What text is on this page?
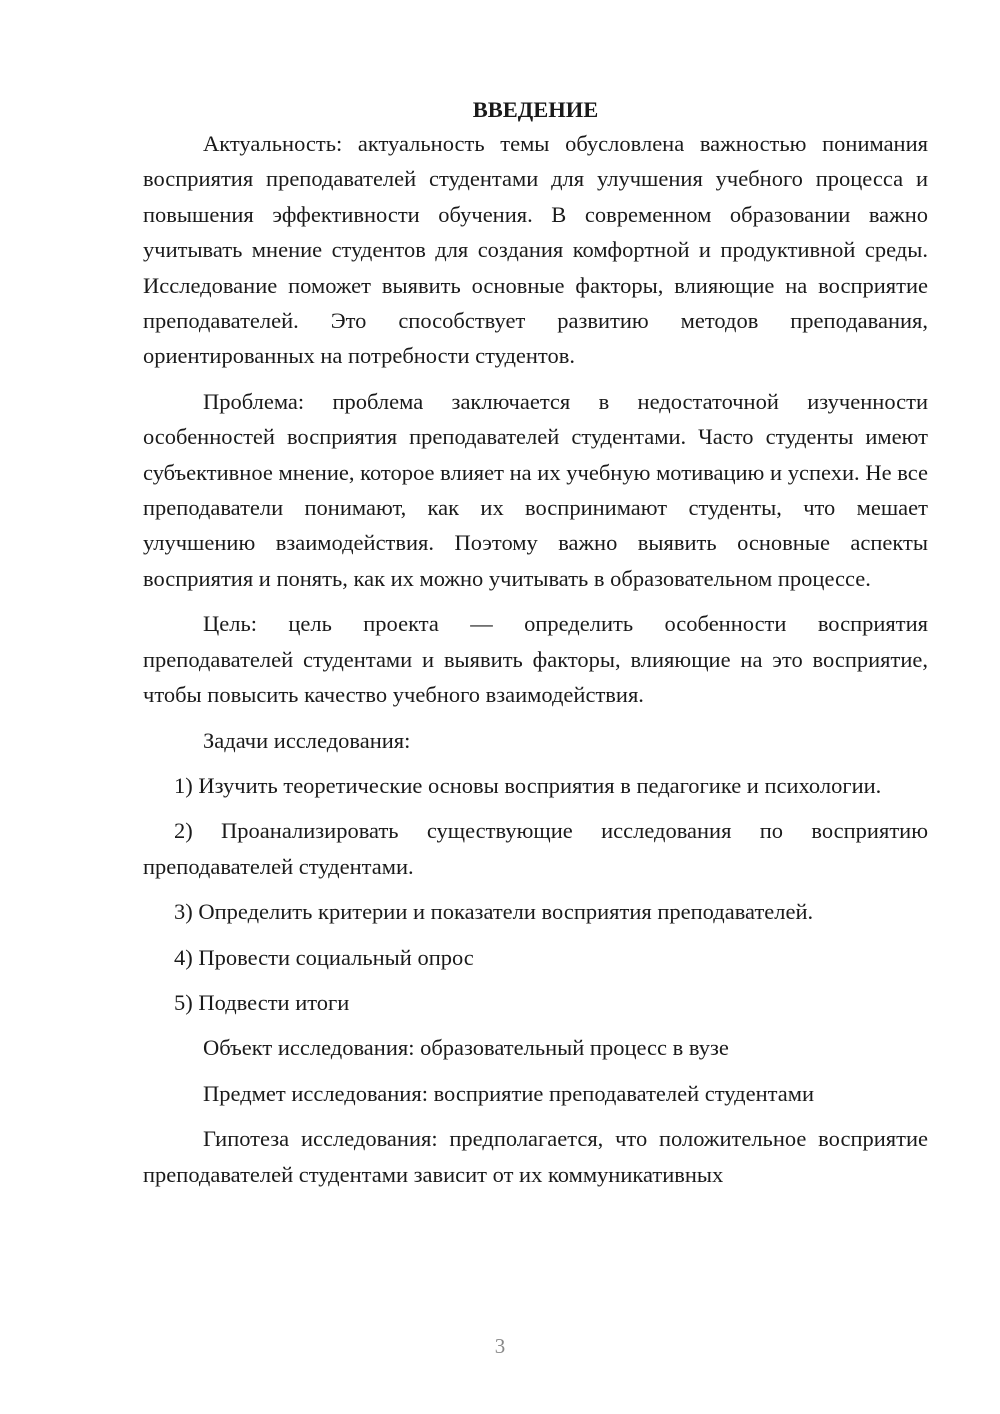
ВВЕДЕНИЕ

Актуальность: актуальность темы обусловлена важностью понимания восприятия преподавателей студентами для улучшения учебного процесса и повышения эффективности обучения. В современном образовании важно учитывать мнение студентов для создания комфортной и продуктивной среды. Исследование поможет выявить основные факторы, влияющие на восприятие преподавателей. Это способствует развитию методов преподавания, ориентированных на потребности студентов.

Проблема: проблема заключается в недостаточной изученности особенностей восприятия преподавателей студентами. Часто студенты имеют субъективное мнение, которое влияет на их учебную мотивацию и успехи. Не все преподаватели понимают, как их воспринимают студенты, что мешает улучшению взаимодействия. Поэтому важно выявить основные аспекты восприятия и понять, как их можно учитывать в образовательном процессе.

Цель: цель проекта — определить особенности восприятия преподавателей студентами и выявить факторы, влияющие на это восприятие, чтобы повысить качество учебного взаимодействия.

Задачи исследования:

1) Изучить теоретические основы восприятия в педагогике и психологии.

2) Проанализировать существующие исследования по восприятию преподавателей студентами.

3) Определить критерии и показатели восприятия преподавателей.

4) Провести социальный опрос

5) Подвести итоги

Объект исследования: образовательный процесс в вузе

Предмет исследования: восприятие преподавателей студентами

Гипотеза исследования: предполагается, что положительное восприятие преподавателей студентами зависит от их коммуникативных

3
